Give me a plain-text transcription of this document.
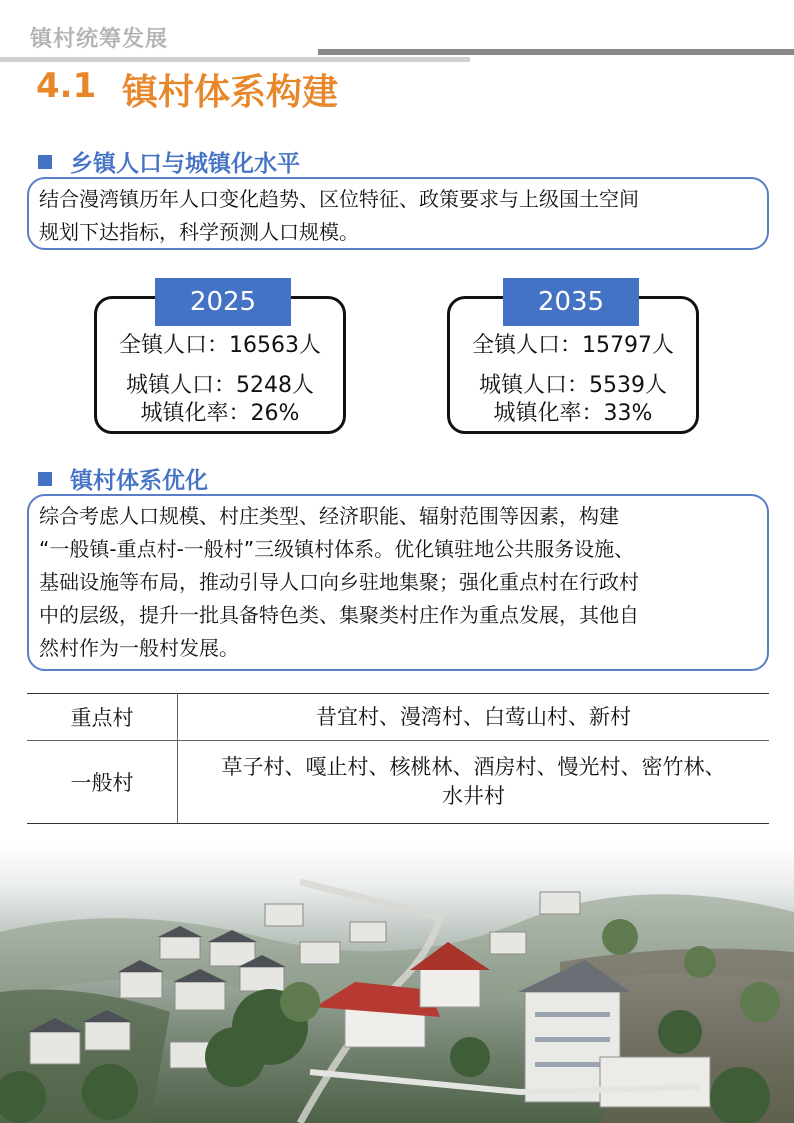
镇村统筹发展
4.1 镇村体系构建
乡镇人口与城镇化水平
结合漫湾镇历年人口变化趋势、区位特征、政策要求与上级国土空间
规划下达指标，科学预测人口规模。
全镇人口：16563人
城镇人口：5248人
城镇化率：26%
2025
全镇人口：15797人
城镇人口：5539人
城镇化率：33%
2035
镇村体系优化
综合考虑人口规模、村庄类型、经济职能、辐射范围等因素，构建
“一般镇-重点村-一般村”三级镇村体系。优化镇驻地公共服务设施、
基础设施等布局，推动引导人口向乡驻地集聚；强化重点村在行政村
中的层级，提升一批具备特色类、集聚类村庄作为重点发展，其他自
然村作为一般村发展。
重点村	昔宜村、漫湾村、白莺山村、新村
一般村	草子村、嘎止村、核桃林、酒房村、慢光村、密竹林、
水井村
